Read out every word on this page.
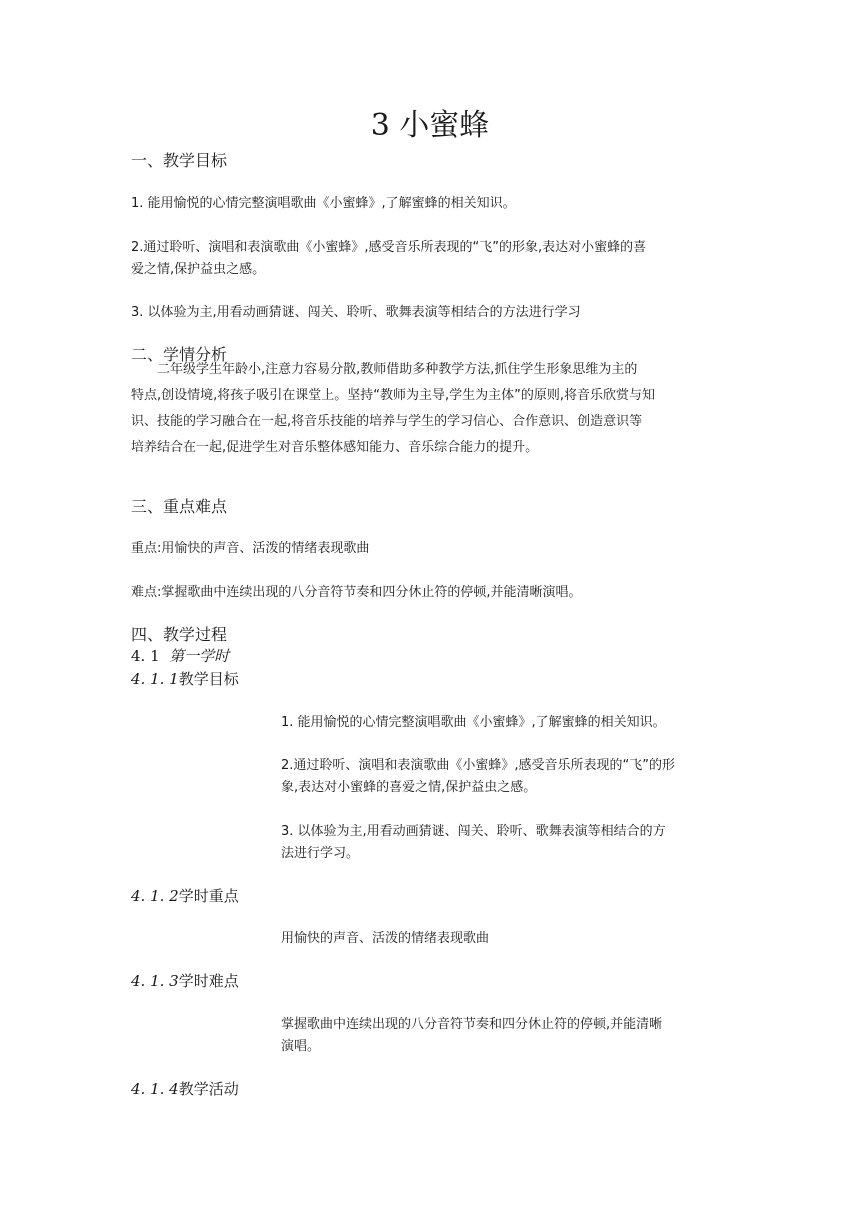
3 小蜜蜂
一、教学目标

1. 能用愉悦的心情完整演唱歌曲《小蜜蜂》,了解蜜蜂的相关知识。

2.通过聆听、演唱和表演歌曲《小蜜蜂》,感受音乐所表现的“飞”的形象,表达对小蜜蜂的喜

爱之情,保护益虫之感。

3. 以体验为主,用看动画猜谜、闯关、聆听、歌舞表演等相结合的方法进行学习

二、学情分析

二年级学生年龄小,注意力容易分散,教师借助多种教学方法,抓住学生形象思维为主的

特点,创设情境,将孩子吸引在课堂上。坚持“教师为主导,学生为主体”的原则,将音乐欣赏与知

识、技能的学习融合在一起,将音乐技能的培养与学生的学习信心、合作意识、创造意识等

培养结合在一起,促进学生对音乐整体感知能力、音乐综合能力的提升。

三、重点难点

重点:用愉快的声音、活泼的情绪表现歌曲

难点:掌握歌曲中连续出现的八分音符节奏和四分休止符的停顿,并能清晰演唱。

四、教学过程
4. 1 第一学时
4. 1. 1教学目标

1. 能用愉悦的心情完整演唱歌曲《小蜜蜂》,了解蜜蜂的相关知识。

2.通过聆听、演唱和表演歌曲《小蜜蜂》,感受音乐所表现的“飞”的形

象,表达对小蜜蜂的喜爱之情,保护益虫之感。

3. 以体验为主,用看动画猜谜、闯关、聆听、歌舞表演等相结合的方

法进行学习。

4. 1. 2学时重点

用愉快的声音、活泼的情绪表现歌曲

4. 1. 3学时难点

掌握歌曲中连续出现的八分音符节奏和四分休止符的停顿,并能清晰

演唱。

4. 1. 4教学活动
